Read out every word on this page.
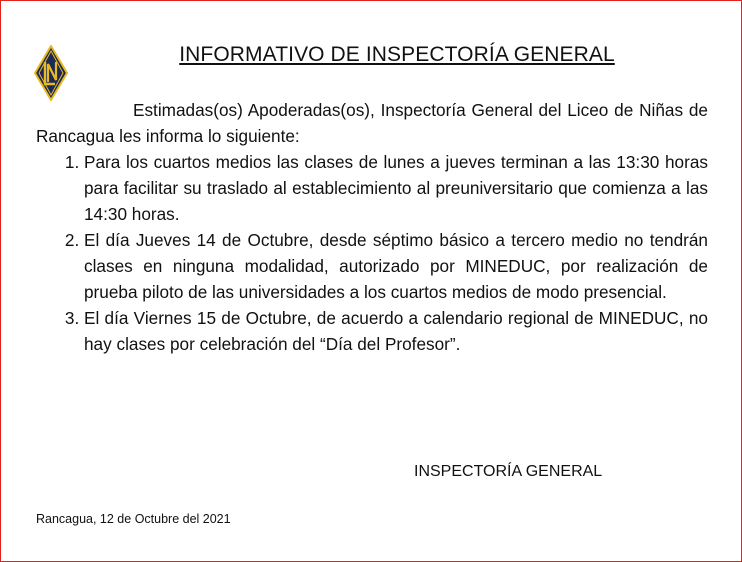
INFORMATIVO DE INSPECTORÍA GENERAL

Estimadas(os) Apoderadas(os), Inspectoría General del Liceo de Niñas de Rancagua les informa lo siguiente:

1. Para los cuartos medios las clases de lunes a jueves terminan a las 13:30 horas para facilitar su traslado al establecimiento al preuniversitario que comienza a las 14:30 horas.
2. El día Jueves 14 de Octubre, desde séptimo básico a tercero medio no tendrán clases en ninguna modalidad, autorizado por MINEDUC, por realización de prueba piloto de las universidades a los cuartos medios de modo presencial.
3. El día Viernes 15 de Octubre, de acuerdo a calendario regional de MINEDUC, no hay clases por celebración del “Día del Profesor”.
INSPECTORÍA GENERAL
Rancagua, 12 de Octubre del 2021
